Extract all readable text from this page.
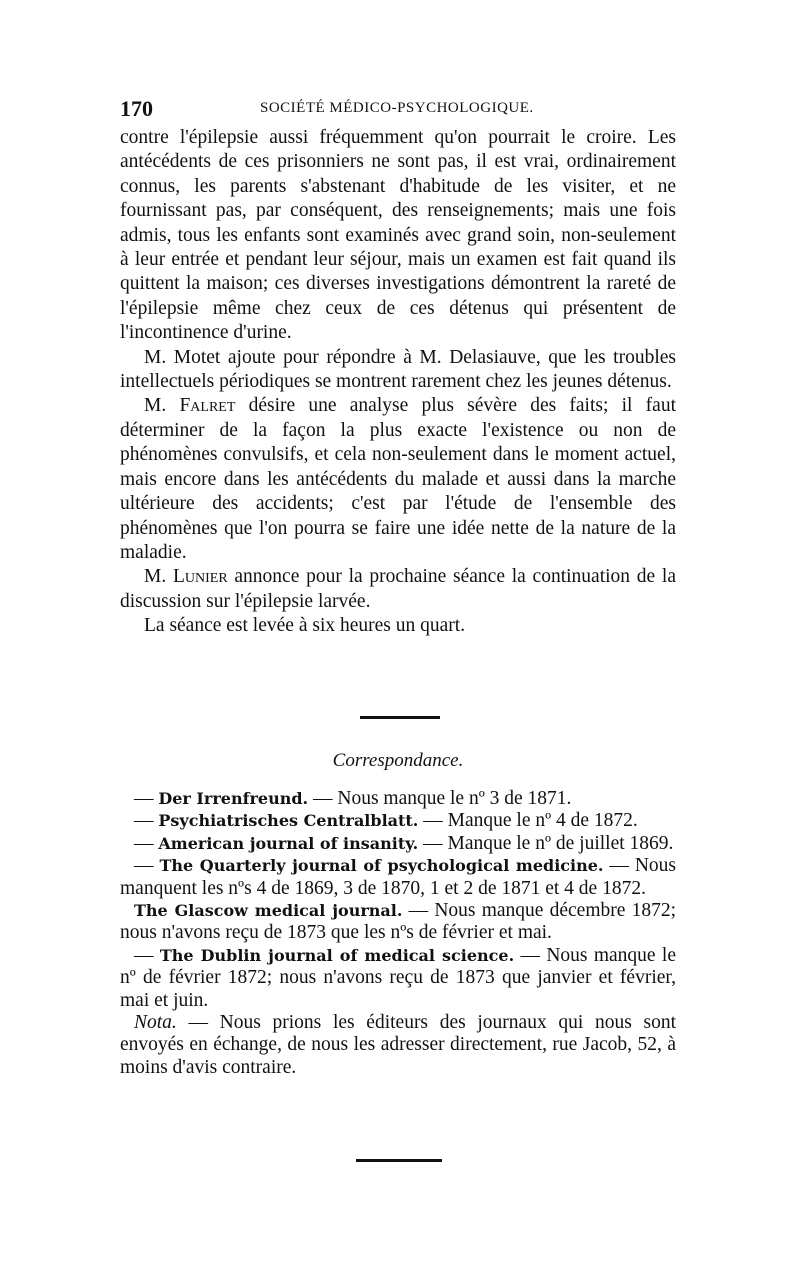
170	SOCIÉTÉ MÉDICO-PSYCHOLOGIQUE.

contre l'épilepsie aussi fréquemment qu'on pourrait le croire. Les antécédents de ces prisonniers ne sont pas, il est vrai, ordinairement connus, les parents s'abstenant d'habitude de les visiter, et ne fournissant pas, par conséquent, des renseignements; mais une fois admis, tous les enfants sont examinés avec grand soin, non-seulement à leur entrée et pendant leur séjour, mais un examen est fait quand ils quittent la maison; ces diverses investigations démontrent la rareté de l'épilepsie même chez ceux de ces détenus qui présentent de l'incontinence d'urine.

M. Motet ajoute pour répondre à M. Delasiauve, que les troubles intellectuels périodiques se montrent rarement chez les jeunes détenus.

M. Falret désire une analyse plus sévère des faits; il faut déterminer de la façon la plus exacte l'existence ou non de phénomènes convulsifs, et cela non-seulement dans le moment actuel, mais encore dans les antécédents du malade et aussi dans la marche ultérieure des accidents; c'est par l'étude de l'ensemble des phénomènes que l'on pourra se faire une idée nette de la nature de la maladie.

M. Lunier annonce pour la prochaine séance la continuation de la discussion sur l'épilepsie larvée.

La séance est levée à six heures un quart.

Correspondance.

— Der Irrenfreund. — Nous manque le nº 3 de 1871.

— Psychiatrisches Centralblatt. — Manque le nº 4 de 1872.

— American journal of insanity. — Manque le nº de juillet 1869.

— The Quarterly journal of psychological medicine. — Nous manquent les nºs 4 de 1869, 3 de 1870, 1 et 2 de 1871 et 4 de 1872.

The Glascow medical journal. — Nous manque décembre 1872; nous n'avons reçu de 1873 que les nºs de février et mai.

— The Dublin journal of medical science. — Nous manque le nº de février 1872; nous n'avons reçu de 1873 que janvier et février, mai et juin.

Nota. — Nous prions les éditeurs des journaux qui nous sont envoyés en échange, de nous les adresser directement, rue Jacob, 52, à moins d'avis contraire.
